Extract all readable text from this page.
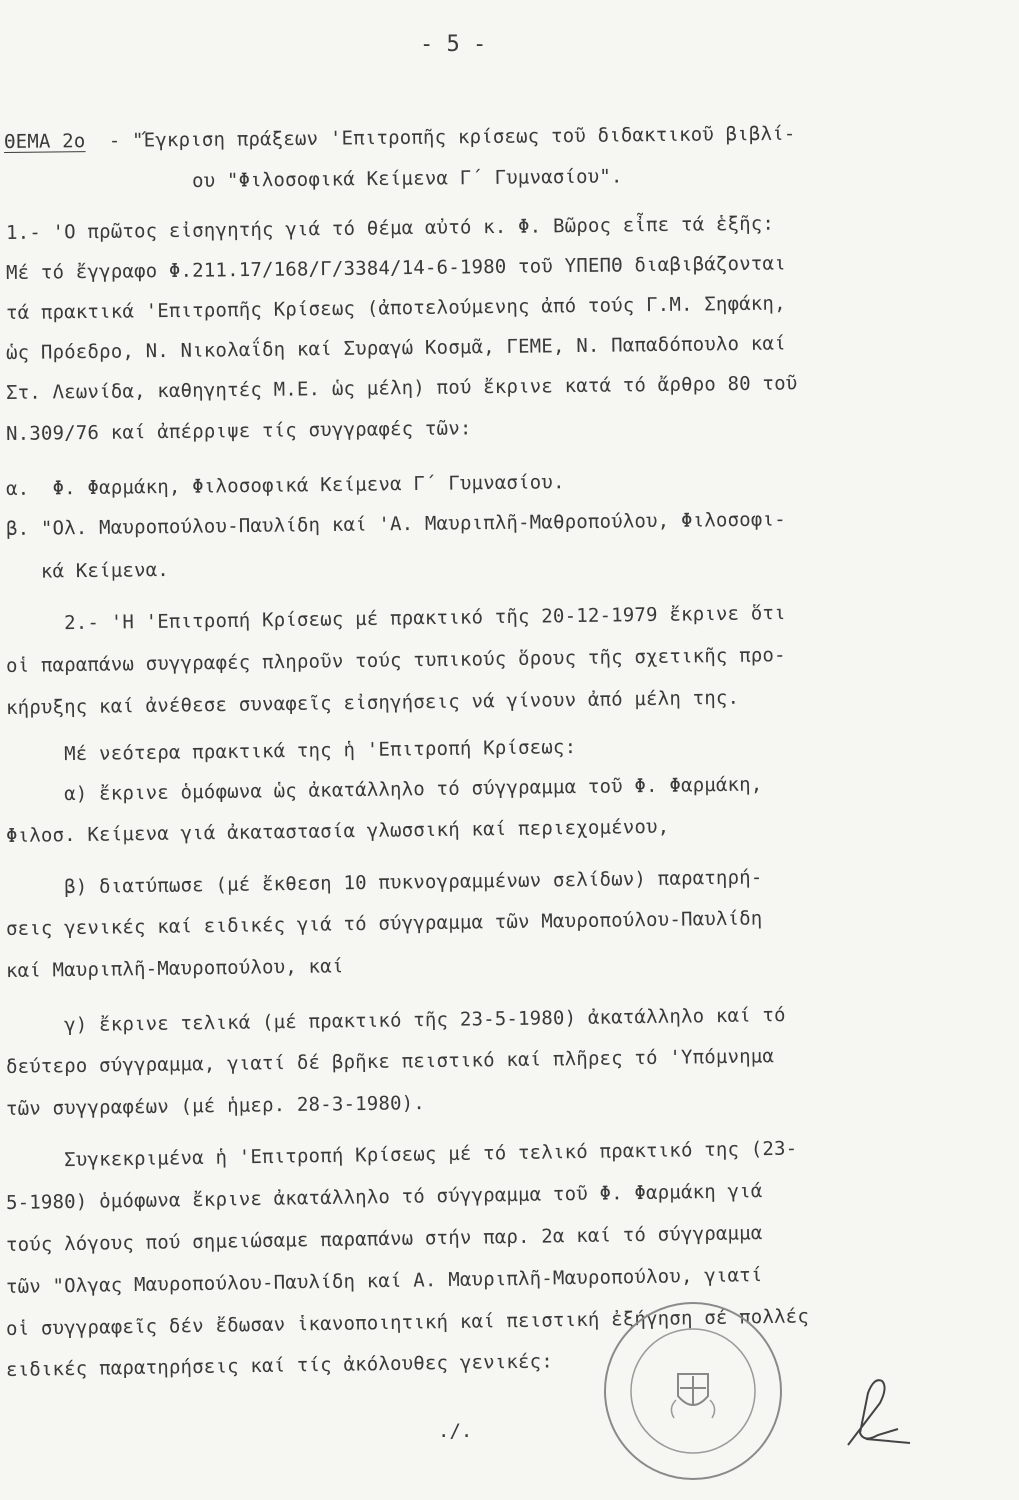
- 5 -
ΘΕΜΑ 2ο - "Έγκριση πράξεων 'Επιτροπῆς κρίσεως τοῦ διδακτικοῦ βιβλί-
ου "Φιλοσοφικά Κείμενα Γ΄ Γυμνασίου".
1.- 'Ο πρῶτος εἰσηγητής γιά τό θέμα αὐτό κ. Φ. Βῶρος εἶπε τά ἑξῆς:
Μέ τό ἔγγραφο Φ.211.17/168/Γ/3384/14-6-1980 τοῦ ΥΠΕΠΘ διαβιβάζονται
τά πρακτικά 'Επιτροπῆς Κρίσεως (ἀποτελούμενης ἀπό τούς Γ.Μ. Σηφάκη,
ὡς Πρόεδρο, Ν. Νικολαΐδη καί Συραγώ Κοσμᾶ, ΓΕΜΕ, Ν. Παπαδόπουλο καί
Στ. Λεωνίδα, καθηγητές Μ.Ε. ὡς μέλη) πού ἔκρινε κατά τό ἄρθρο 80 τοῦ
Ν.309/76 καί ἀπέρριψε τίς συγγραφές τῶν:
α.  Φ. Φαρμάκη, Φιλοσοφικά Κείμενα Γ΄ Γυμνασίου.
β. "Ολ. Μαυροπούλου-Παυλίδη καί 'Α. Μαυριπλῆ-Μαθροπούλου, Φιλοσοφι-
κά Κείμενα.
2.- 'Η 'Επιτροπή Κρίσεως μέ πρακτικό τῆς 20-12-1979 ἔκρινε ὅτι
οἱ παραπάνω συγγραφές πληροῦν τούς τυπικούς ὅρους τῆς σχετικῆς προ-
κήρυξης καί ἀνέθεσε συναφεῖς εἰσηγήσεις νά γίνουν ἀπό μέλη της.
Μέ νεότερα πρακτικά της ἡ 'Επιτροπή Κρίσεως:
α) ἔκρινε ὁμόφωνα ὡς ἀκατάλληλο τό σύγγραμμα τοῦ Φ. Φαρμάκη,
Φιλοσ. Κείμενα γιά ἀκαταστασία γλωσσική καί περιεχομένου,
β) διατύπωσε (μέ ἔκθεση 10 πυκνογραμμένων σελίδων) παρατηρή-
σεις γενικές καί ειδικές γιά τό σύγγραμμα τῶν Μαυροπούλου-Παυλίδη
καί Μαυριπλῆ-Μαυροπούλου, καί
γ) ἔκρινε τελικά (μέ πρακτικό τῆς 23-5-1980) ἀκατάλληλο καί τό
δεύτερο σύγγραμμα, γιατί δέ βρῆκε πειστικό καί πλῆρες τό 'Υπόμνημα
τῶν συγγραφέων (μέ ἡμερ. 28-3-1980).
Συγκεκριμένα ἡ 'Επιτροπή Κρίσεως μέ τό τελικό πρακτικό της (23-
5-1980) ὁμόφωνα ἔκρινε ἀκατάλληλο τό σύγγραμμα τοῦ Φ. Φαρμάκη γιά
τούς λόγους πού σημειώσαμε παραπάνω στήν παρ. 2α καί τό σύγγραμμα
τῶν "Ολγας Μαυροπούλου-Παυλίδη καί Α. Μαυριπλῆ-Μαυροπούλου, γιατί
οἱ συγγραφεῖς δέν ἔδωσαν ἱκανοποιητική καί πειστική ἐξήγηση σέ πολλές
ειδικές παρατηρήσεις καί τίς ἀκόλουθες γενικές:
./.
